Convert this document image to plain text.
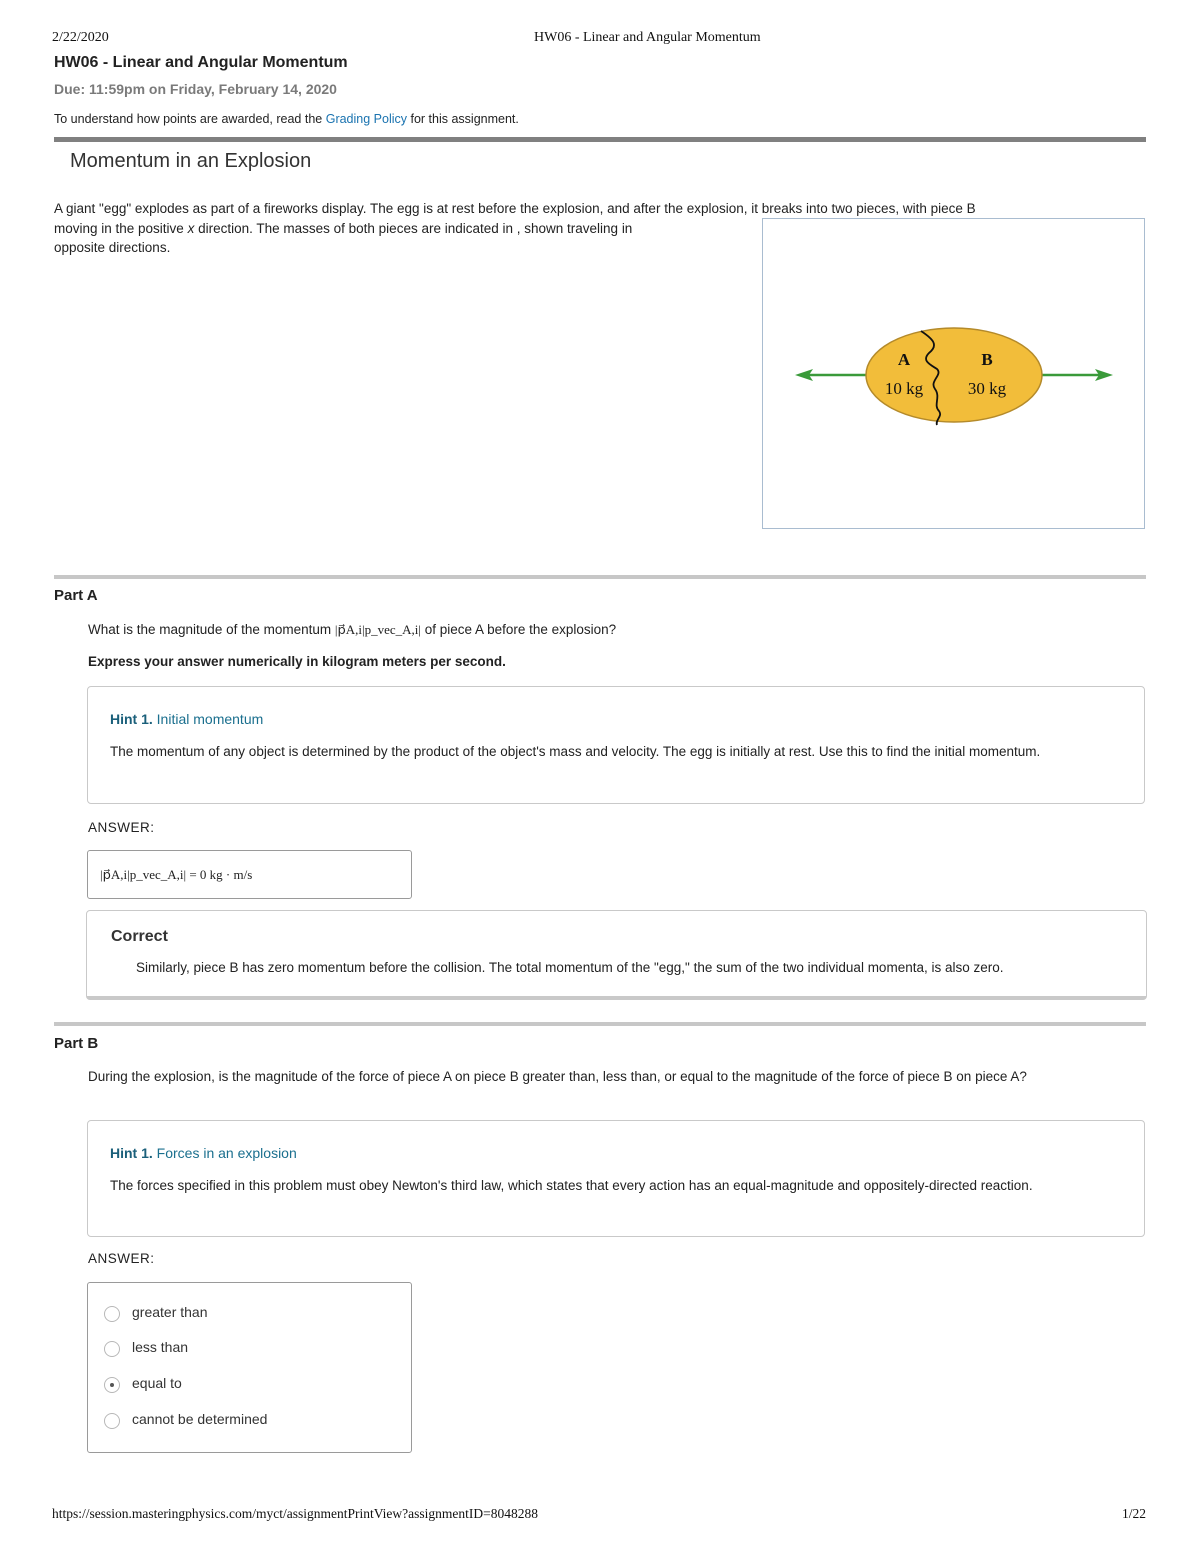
2/22/2020	HW06 - Linear and Angular Momentum
HW06 - Linear and Angular Momentum
Due: 11:59pm on Friday, February 14, 2020
To understand how points are awarded, read the Grading Policy for this assignment.
Momentum in an Explosion

A giant "egg" explodes as part of a fireworks display. The egg is at rest before the explosion, and after the explosion, it breaks into two pieces, with piece B

moving in the positive x direction. The masses of both pieces are indicated in , shown traveling in

opposite directions.

A	B
10 kg	30 kg
Part A
What is the magnitude of the momentum |p⃗A,i|p_vec_A,i| of piece A before the explosion?
Express your answer numerically in kilogram meters per second.
Hint 1. Initial momentum
The momentum of any object is determined by the product of the object's mass and velocity. The egg is initially at rest. Use this to find the initial momentum.
ANSWER:
|p⃗A,i|p_vec_A,i| = 0 kg · m/s
Correct
Similarly, piece B has zero momentum before the collision. The total momentum of the "egg," the sum of the two individual momenta, is also zero.
Part B
During the explosion, is the magnitude of the force of piece A on piece B greater than, less than, or equal to the magnitude of the force of piece B on piece A?
Hint 1. Forces in an explosion
The forces specified in this problem must obey Newton's third law, which states that every action has an equal-magnitude and oppositely-directed reaction.
ANSWER:
greater than
less than
equal to
cannot be determined
https://session.masteringphysics.com/myct/assignmentPrintView?assignmentID=8048288	1/22
